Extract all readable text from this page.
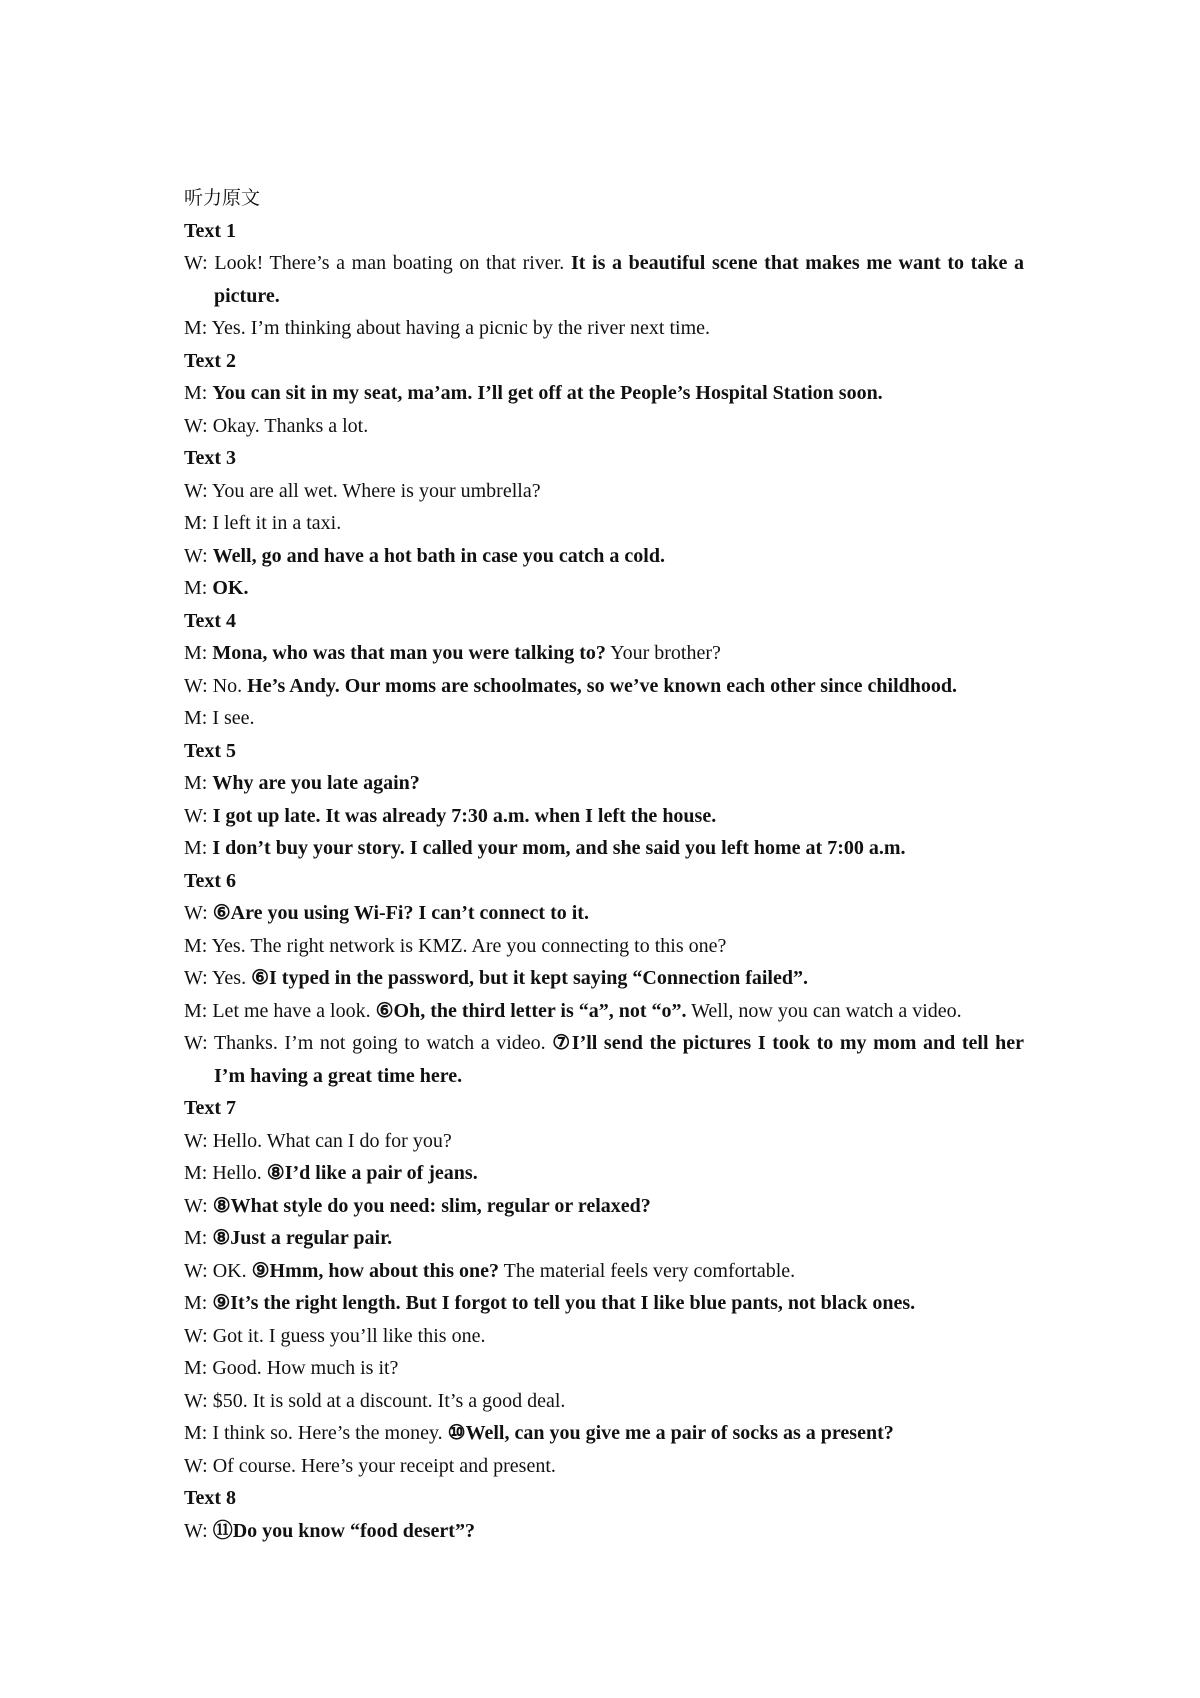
听力原文
Text 1
W: Look! There’s a man boating on that river. It is a beautiful scene that makes me want to take a picture.
M: Yes. I’m thinking about having a picnic by the river next time.
Text 2
M: You can sit in my seat, ma’am. I’ll get off at the People’s Hospital Station soon.
W: Okay. Thanks a lot.
Text 3
W: You are all wet. Where is your umbrella?
M: I left it in a taxi.
W: Well, go and have a hot bath in case you catch a cold.
M: OK.
Text 4
M: Mona, who was that man you were talking to? Your brother?
W: No. He’s Andy. Our moms are schoolmates, so we’ve known each other since childhood.
M: I see.
Text 5
M: Why are you late again?
W: I got up late. It was already 7:30 a.m. when I left the house.
M: I don’t buy your story. I called your mom, and she said you left home at 7:00 a.m.
Text 6
W: ⑥Are you using Wi-Fi? I can’t connect to it.
M: Yes. The right network is KMZ. Are you connecting to this one?
W: Yes. ⑥I typed in the password, but it kept saying “Connection failed”.
M: Let me have a look. ⑥Oh, the third letter is “a”, not “o”. Well, now you can watch a video.
W: Thanks. I’m not going to watch a video. ⑦I’ll send the pictures I took to my mom and tell her I’m having a great time here.
Text 7
W: Hello. What can I do for you?
M: Hello. ⑧I’d like a pair of jeans.
W: ⑧What style do you need: slim, regular or relaxed?
M: ⑧Just a regular pair.
W: OK. ⑨Hmm, how about this one? The material feels very comfortable.
M: ⑨It’s the right length. But I forgot to tell you that I like blue pants, not black ones.
W: Got it. I guess you’ll like this one.
M: Good. How much is it?
W: $50. It is sold at a discount. It’s a good deal.
M: I think so. Here’s the money. ⑩Well, can you give me a pair of socks as a present?
W: Of course. Here’s your receipt and present.
Text 8
W: ⑪Do you know “food desert”?
